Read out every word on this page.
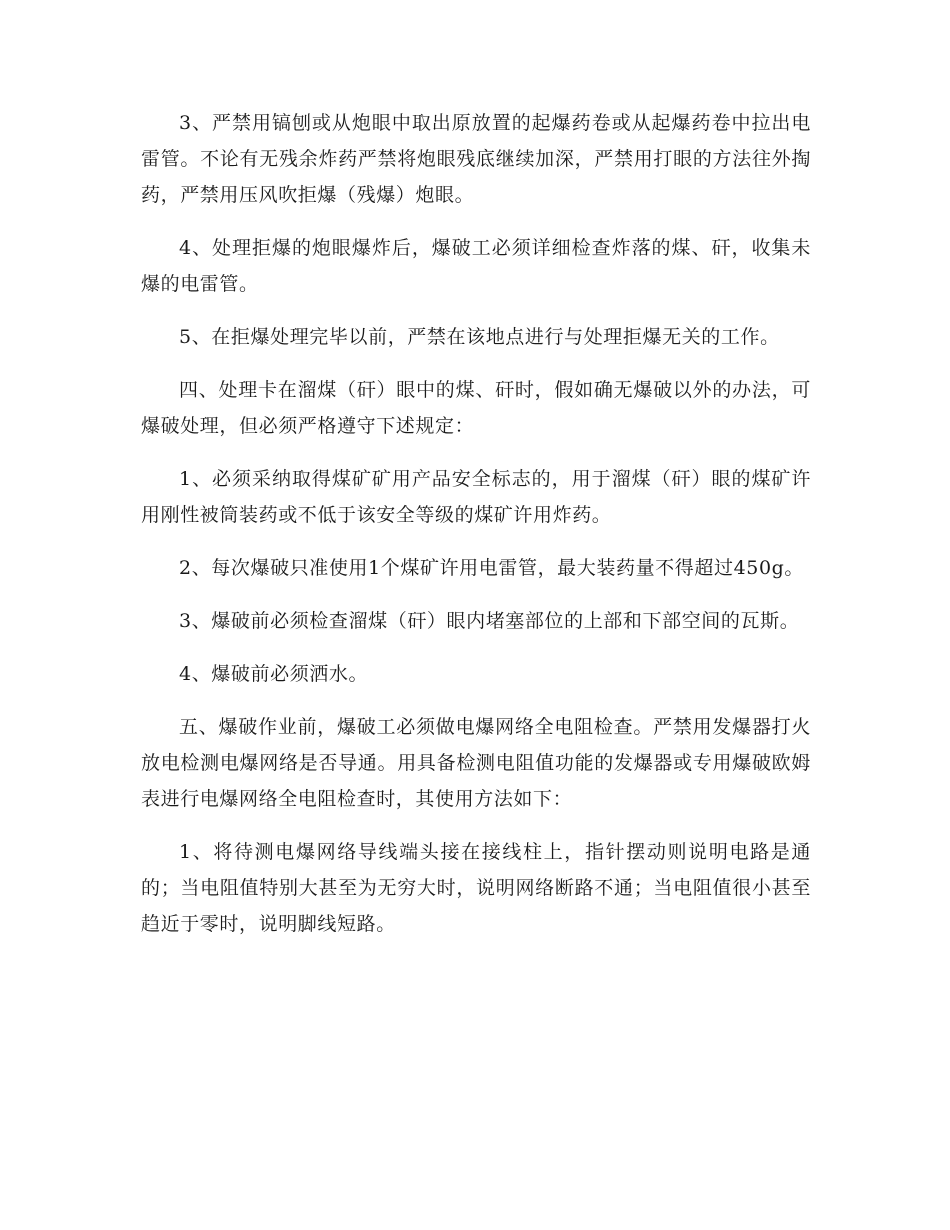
3、严禁用镐刨或从炮眼中取出原放置的起爆药卷或从起爆药卷中拉出电雷管。不论有无残余炸药严禁将炮眼残底继续加深，严禁用打眼的方法往外掏药，严禁用压风吹拒爆（残爆）炮眼。

4、处理拒爆的炮眼爆炸后，爆破工必须详细检查炸落的煤、矸，收集未爆的电雷管。

5、在拒爆处理完毕以前，严禁在该地点进行与处理拒爆无关的工作。

四、处理卡在溜煤（矸）眼中的煤、矸时，假如确无爆破以外的办法，可爆破处理，但必须严格遵守下述规定：

1、必须采纳取得煤矿矿用产品安全标志的，用于溜煤（矸）眼的煤矿许用刚性被筒装药或不低于该安全等级的煤矿许用炸药。

2、每次爆破只准使用1个煤矿许用电雷管，最大装药量不得超过450g。

3、爆破前必须检查溜煤（矸）眼内堵塞部位的上部和下部空间的瓦斯。

4、爆破前必须洒水。

五、爆破作业前，爆破工必须做电爆网络全电阻检查。严禁用发爆器打火放电检测电爆网络是否导通。用具备检测电阻值功能的发爆器或专用爆破欧姆表进行电爆网络全电阻检查时，其使用方法如下：

1、将待测电爆网络导线端头接在接线柱上，指针摆动则说明电路是通的；当电阻值特别大甚至为无穷大时，说明网络断路不通；当电阻值很小甚至趋近于零时，说明脚线短路。
